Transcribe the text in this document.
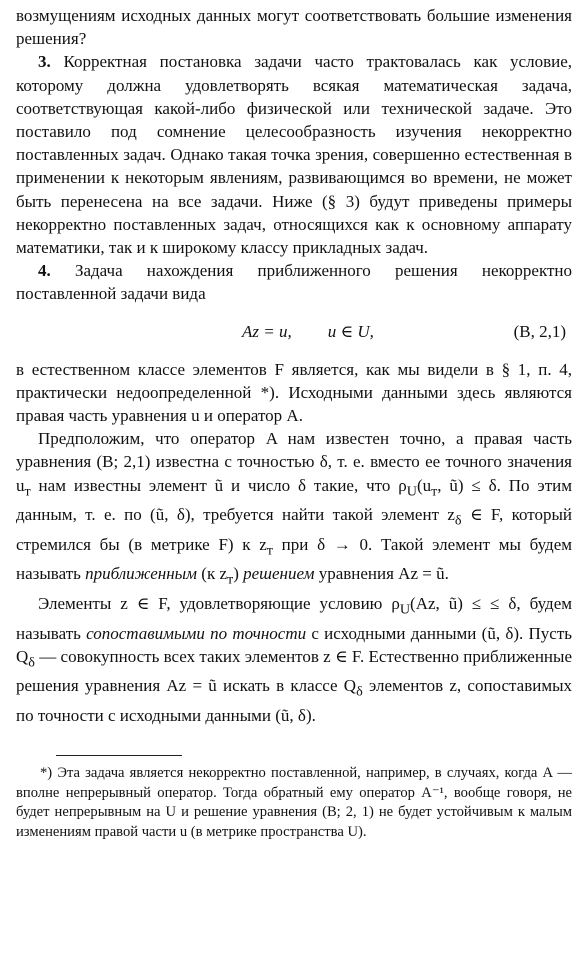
возмущениям исходных данных могут соответствовать большие изменения решения?

3. Корректная постановка задачи часто трактовалась как условие, которому должна удовлетворять всякая математическая задача, соответствующая какой-либо физической или технической задаче. Это поставило под сомнение целесообразность изучения некорректно поставленных задач. Однако такая точка зрения, совершенно естественная в применении к некоторым явлениям, развивающимся во времени, не может быть перенесена на все задачи. Ниже (§ 3) будут приведены примеры некорректно поставленных задач, относящихся как к основному аппарату математики, так и к широкому классу прикладных задач.

4. Задача нахождения приближенного решения некорректно поставленной задачи вида

Az = u, u ∈ U,	(B, 2,1)

в естественном классе элементов F является, как мы видели в § 1, п. 4, практически недоопределенной *). Исходными данными здесь являются правая часть уравнения u и оператор A.

Предположим, что оператор A нам известен точно, а правая часть уравнения (B; 2,1) известна с точностью δ, т. е. вместо ее точного значения $u_т$ нам известны элемент ũ и число δ такие, что $\rho_U(u_т$, ũ) ≤ δ. По этим данным, т. е. по (ũ, δ), требуется найти такой элемент $z_\delta$ ∈ F, который стремился бы (в метрике F) к $z_т$ при δ → 0. Такой элемент мы будем называть приближенным (к $z_т$) решением уравнения Az = ũ.

Элементы z ∈ F, удовлетворяющие условию $\rho_U(Az$, ũ) ≤ ≤ δ, будем называть сопоставимыми по точности с исходными данными (ũ, δ). Пусть $Q_\delta$ — совокупность всех таких элементов z ∈ F. Естественно приближенные решения уравнения Az = ũ искать в классе $Q_\delta$ элементов z, сопоставимых по точности с исходными данными (ũ, δ).

*) Эта задача является некорректно поставленной, например, в случаях, когда A — вполне непрерывный оператор. Тогда обратный ему оператор A⁻¹, вообще говоря, не будет непрерывным на U и решение уравнения (B; 2, 1) не будет устойчивым к малым изменениям правой части u (в метрике пространства U).
